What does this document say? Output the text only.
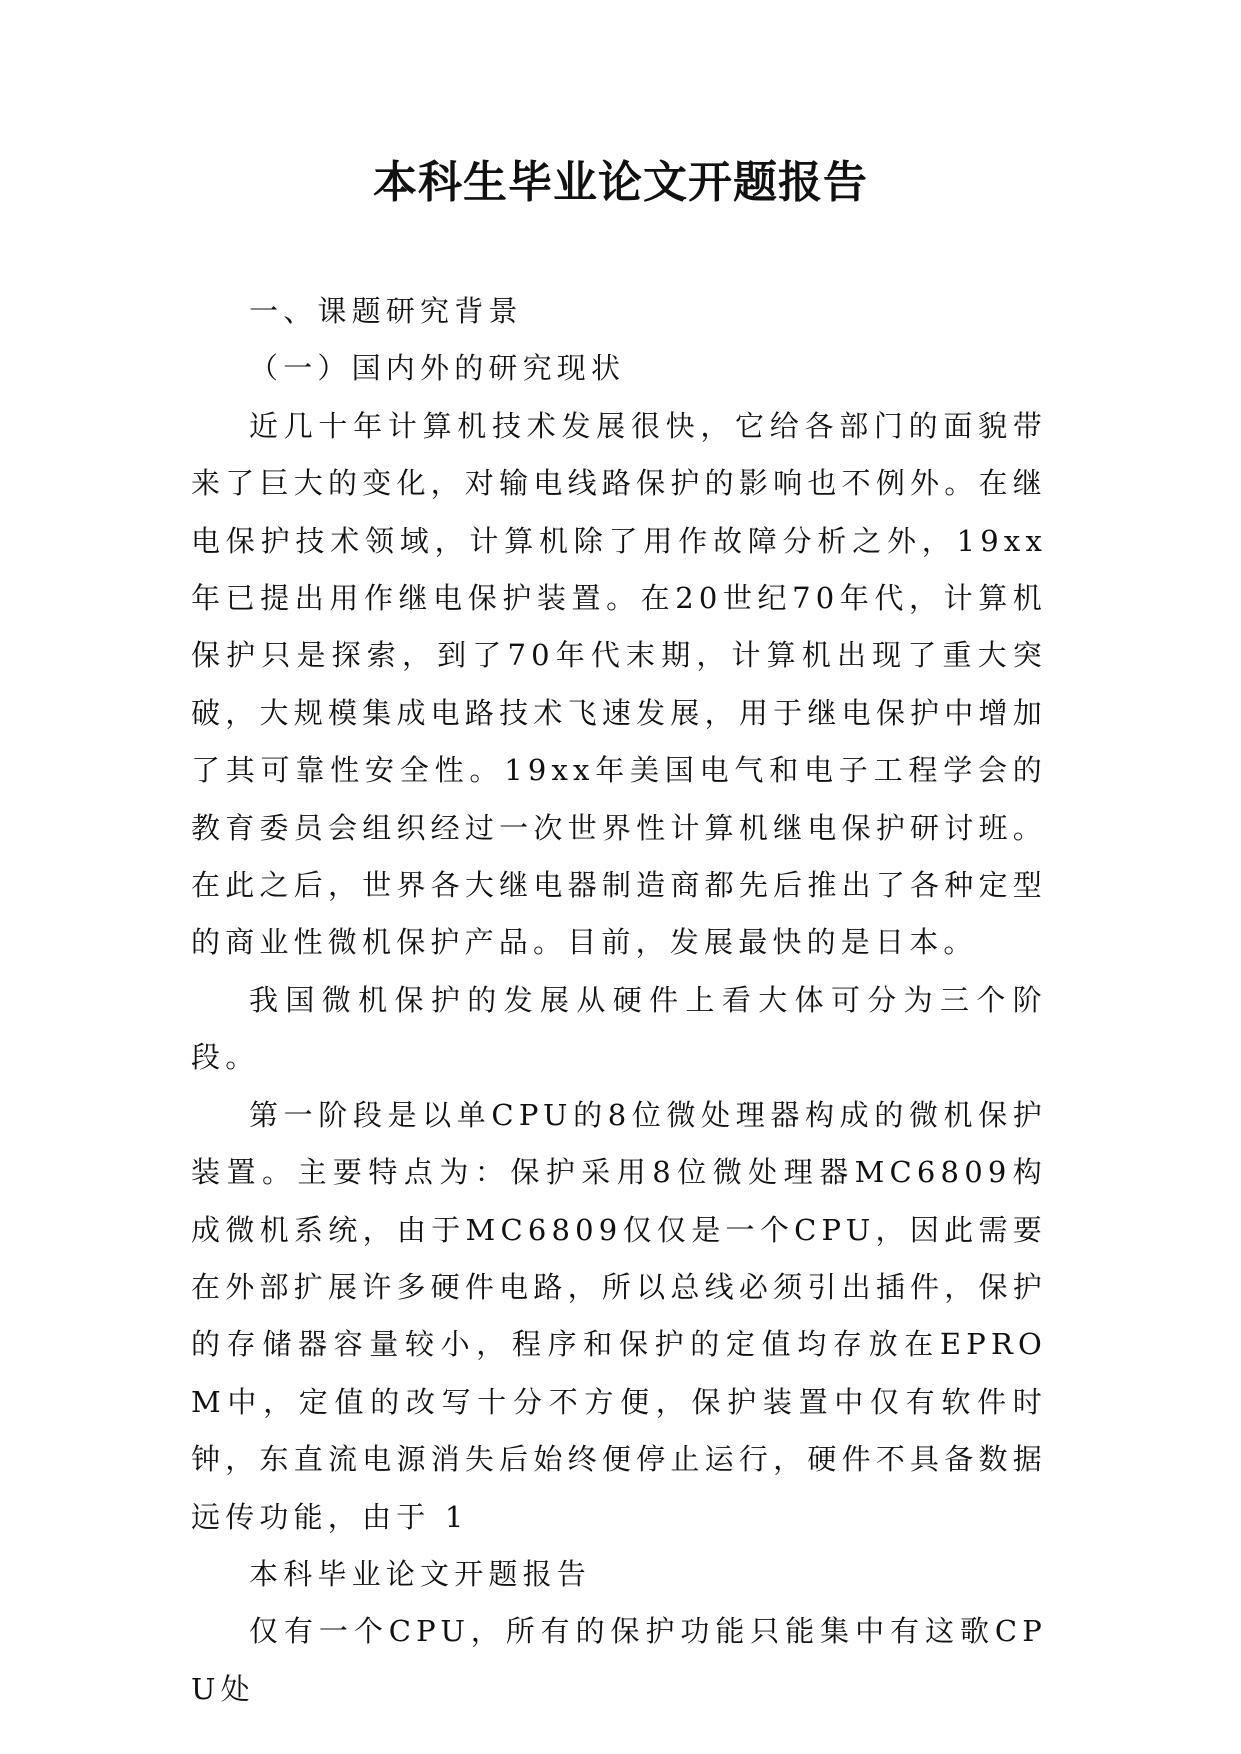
本科生毕业论文开题报告

一、课题研究背景

（一）国内外的研究现状

近几十年计算机技术发展很快，它给各部门的面貌带来了巨大的变化，对输电线路保护的影响也不例外。在继电保护技术领域，计算机除了用作故障分析之外，19xx年已提出用作继电保护装置。在20世纪70年代，计算机保护只是探索，到了70年代末期，计算机出现了重大突破，大规模集成电路技术飞速发展，用于继电保护中增加了其可靠性安全性。19xx年美国电气和电子工程学会的教育委员会组织经过一次世界性计算机继电保护研讨班。在此之后，世界各大继电器制造商都先后推出了各种定型的商业性微机保护产品。目前，发展最快的是日本。

我国微机保护的发展从硬件上看大体可分为三个阶段。

第一阶段是以单CPU的8位微处理器构成的微机保护装置。主要特点为：保护采用8位微处理器MC6809构成微机系统，由于MC6809仅仅是一个CPU，因此需要在外部扩展许多硬件电路，所以总线必须引出插件，保护的存储器容量较小，程序和保护的定值均存放在EPROM中，定值的改写十分不方便，保护装置中仅有软件时钟，东直流电源消失后始终便停止运行，硬件不具备数据远传功能，由于 1

本科毕业论文开题报告

仅有一个CPU，所有的保护功能只能集中有这歌CPU处
